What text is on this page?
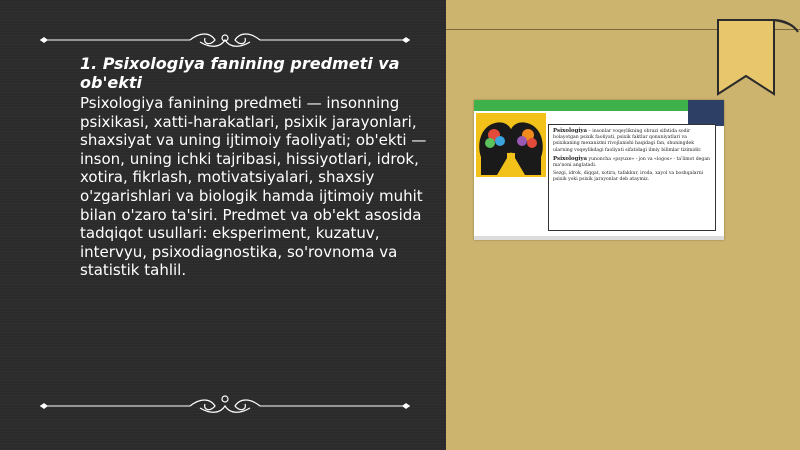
1. Psixologiya fanining predmeti va ob'ekti

Psixologiya fanining predmeti — insonning psixikasi, xatti-harakatlari, psixik jarayonlari, shaxsiyat va uning ijtimoiy faoliyati; ob'ekti — inson, uning ichki tajribasi, hissiyotlari, idrok, xotira, fikrlash, motivatsiyalari, shaxsiy o'zgarishlari va biologik hamda ijtimoiy muhit bilan o'zaro ta'siri. Predmet va ob'ekt asosida tadqiqot usullari: eksperiment, kuzatuv, intervyu, psixodiagnostika, so'rovnoma va statistik tahlil.

Psixologiya – insonlar voqeylikning obrazi sifatida sodir bolayotgan psixik faoliyati, psixik faktlar qonuniyatlari va psixikaning mexanizmi rivojlanishi haqidagi fan, shuningdek ularning voqeylikdagi faoliyati sifatidagi ilmiy bilimlar tizimidir.

Psixologiya yunoncha «psyuxe» - jon va «logos» - ta'limot degan ma'noni anglatadi.

Sezgi, idrok, diqqat, xotira, tafakkur, iroda, xayol va boshqalarni psixik yoki psixik jarayonlar deb ataymiz.
